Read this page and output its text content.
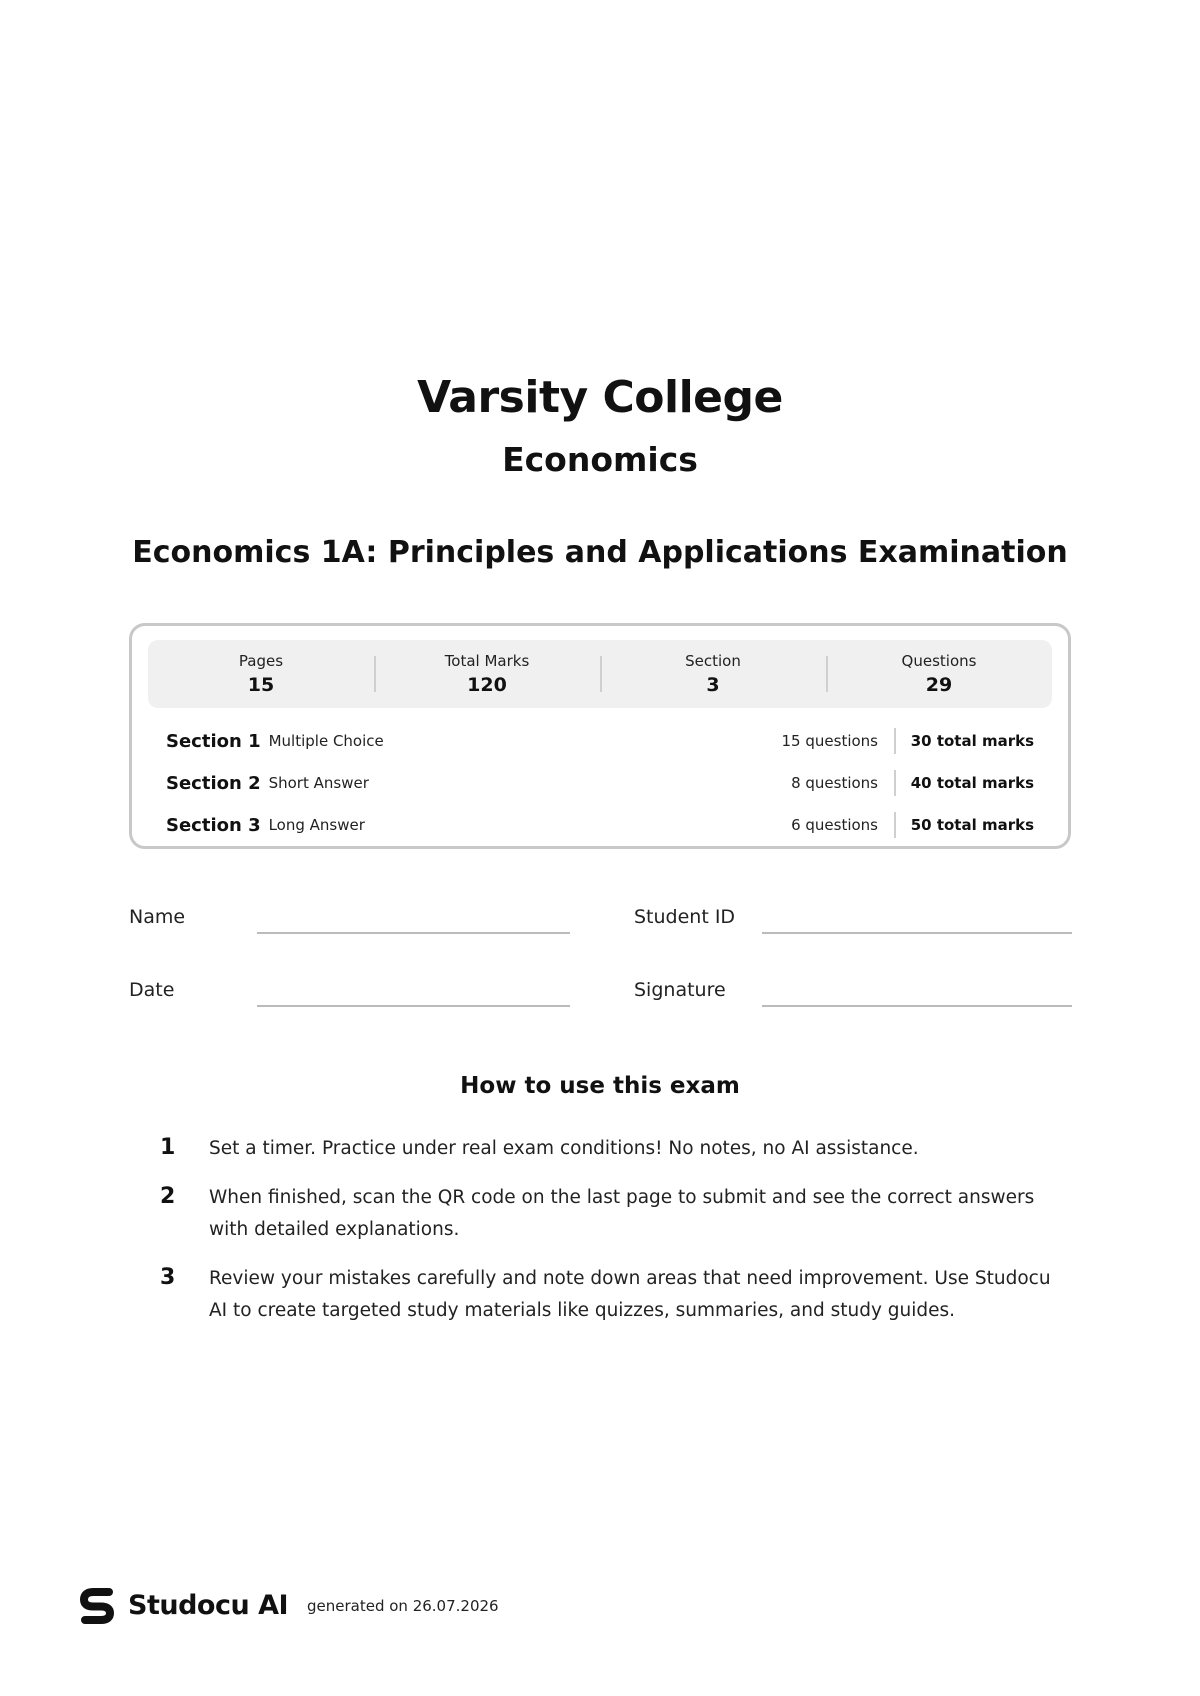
Varsity College
Economics
Economics 1A: Principles and Applications Examination
Pages
15
Total Marks
120
Section
3
Questions
29
Section 1 Multiple Choice	15 questions	30 total marks
Section 2 Short Answer	8 questions	40 total marks
Section 3 Long Answer	6 questions	50 total marks
Name	Student ID
Date	Signature
How to use this exam
1	Set a timer. Practice under real exam conditions! No notes, no AI assistance.
2	When finished, scan the QR code on the last page to submit and see the correct answers with detailed explanations.
3	Review your mistakes carefully and note down areas that need improvement. Use Studocu AI to create targeted study materials like quizzes, summaries, and study guides.
Studocu AI generated on 26.07.2026
